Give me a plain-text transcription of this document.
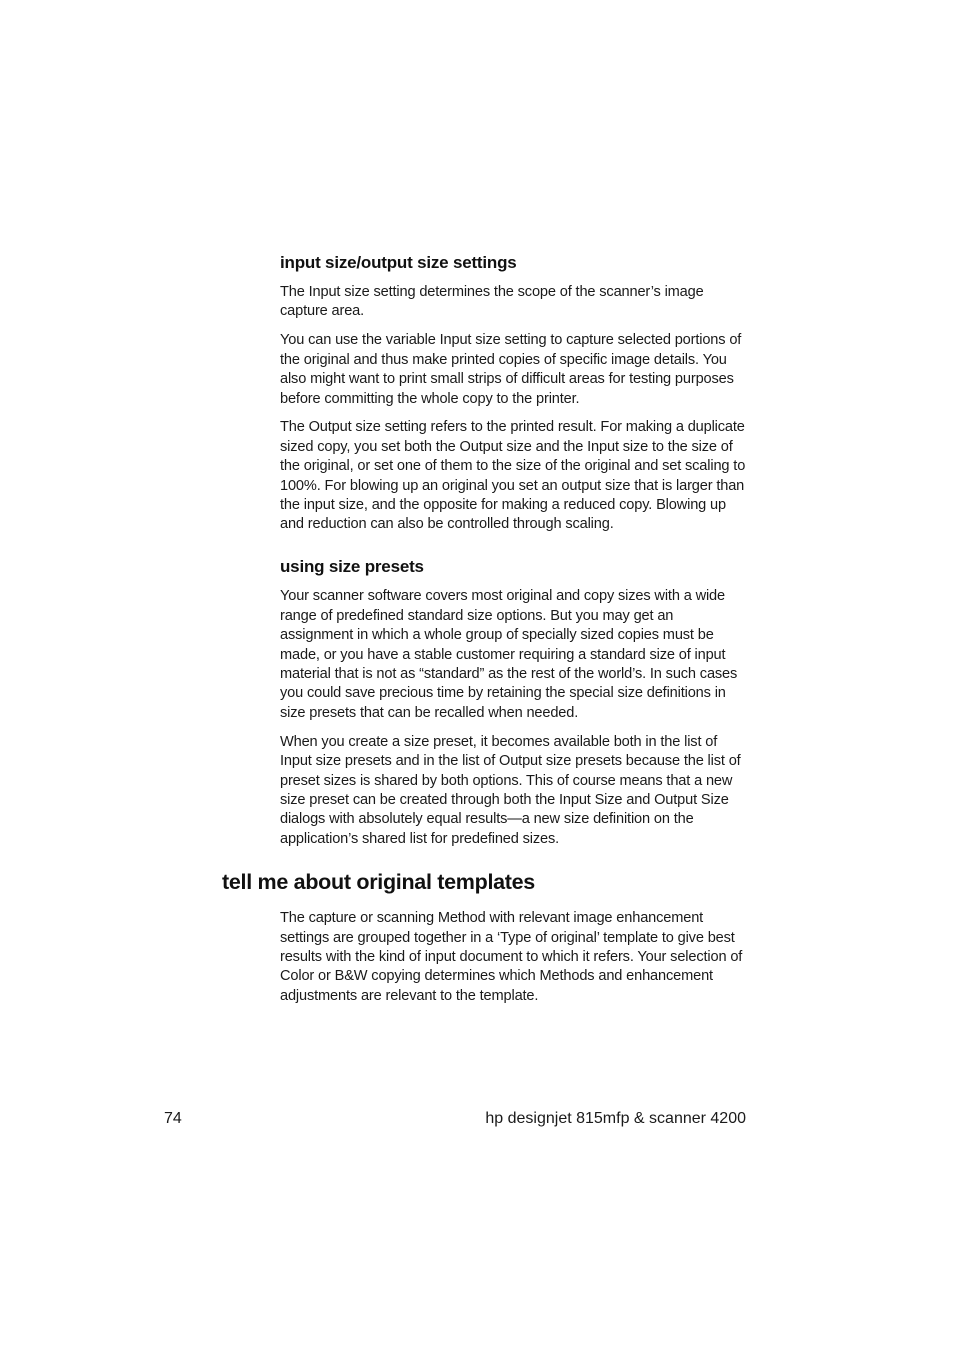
input size/output size settings

The Input size setting determines the scope of the scanner’s image capture area.

You can use the variable Input size setting to capture selected portions of the original and thus make printed copies of specific image details. You also might want to print small strips of difficult areas for testing purposes before committing the whole copy to the printer.

The Output size setting refers to the printed result. For making a duplicate sized copy, you set both the Output size and the Input size to the size of the original, or set one of them to the size of the original and set scaling to 100%. For blowing up an original you set an output size that is larger than the input size, and the opposite for making a reduced copy. Blowing up and reduction can also be controlled through scaling.

using size presets

Your scanner software covers most original and copy sizes with a wide range of predefined standard size options. But you may get an assignment in which a whole group of specially sized copies must be made, or you have a stable customer requiring a standard size of input material that is not as “standard” as the rest of the world’s. In such cases you could save precious time by retaining the special size definitions in size presets that can be recalled when needed.

When you create a size preset, it becomes available both in the list of Input size presets and in the list of Output size presets because the list of preset sizes is shared by both options. This of course means that a new size preset can be created through both the Input Size and Output Size dialogs with absolutely equal results—a new size definition on the application’s shared list for predefined sizes.

tell me about original templates

The capture or scanning Method with relevant image enhancement settings are grouped together in a ‘Type of original’ template to give best results with the kind of input document to which it refers. Your selection of Color or B&W copying determines which Methods and enhancement adjustments are relevant to the template.

74	hp designjet 815mfp & scanner 4200
